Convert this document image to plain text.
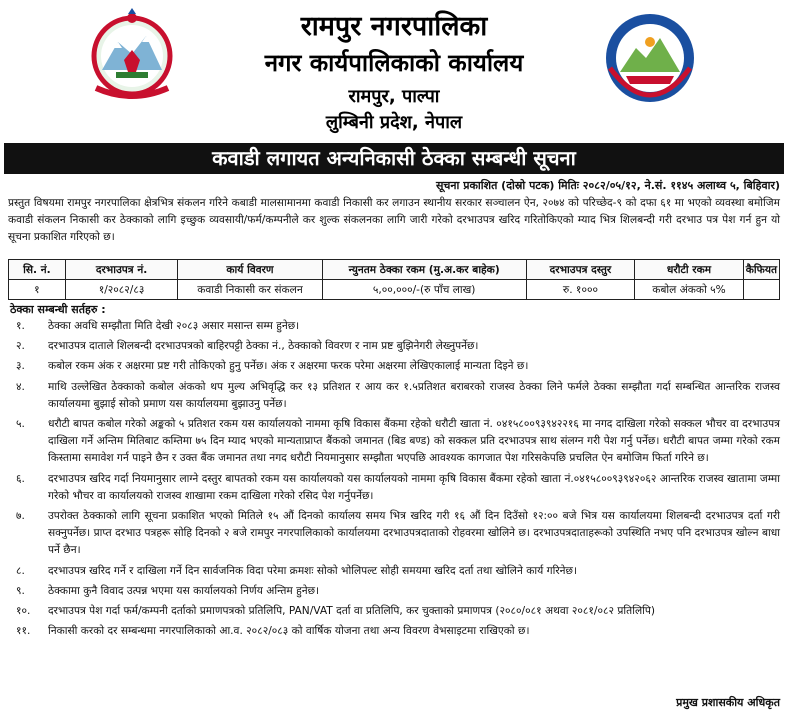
रामपुर नगरपालिका
नगर कार्यपालिकाको कार्यालय
रामपुर, पाल्पा
लुम्बिनी प्रदेश, नेपाल
कवाडी लगायत अन्यनिकासी ठेक्का सम्बन्धी सूचना
सूचना प्रकाशित (दोस्रो पटक) मितिः २०८२/०५/१२, ने.सं. ११४५ अलाथ्व ५, बिहिवार)
प्रस्तुत विषयमा रामपुर नगरपालिका क्षेत्रभित्र संकलन गरिने कबाडी मालसामानमा कवाडी निकासी कर लगाउन स्थानीय सरकार सञ्चालन ऐन, २०७४ को परिच्छेद-९ को दफा ६१ मा भएको व्यवस्था बमोजिम कवाडी संकलन निकासी कर ठेक्काको लागि इच्छुक व्यवसायी/फर्म/कम्पनीले कर शुल्क संकलनका लागि जारी गरेको दरभाउपत्र खरिद गरितोकिएको म्याद भित्र शिलबन्दी गरी दरभाउ पत्र पेश गर्न हुन यो सूचना प्रकाशित गरिएको छ।
सि. नं.	दरभाउपत्र नं.	कार्य विवरण	न्युनतम ठेक्का रकम (मु.अ.कर बाहेक)	दरभाउपत्र दस्तुर	धरौटी रकम	कैफियत
१	१/२०८२/८३	कवाडी निकासी कर संकलन	५,००,०००/-(रु पाँच लाख)	रु. १०००	कबोल अंकको ५%	
ठेक्का सम्बन्धी सर्तहरु :
१. ठेक्का अवधि सम्झौता मिति देखी २०८३ असार मसान्त सम्म हुनेछ।
२. दरभाउपत्र दाताले शिलबन्दी दरभाउपत्रको बाहिरपट्टी ठेक्का नं., ठेक्काको विवरण र नाम प्रष्ट बुझिनेगरी लेख्नुपर्नेछ।
३. कबोल रकम अंक र अक्षरमा प्रष्ट गरी तोकिएको हुनु पर्नेछ। अंक र अक्षरमा फरक परेमा अक्षरमा लेखिएकालाई मान्यता दिइने छ।
४. माथि उल्लेखित ठेक्काको कबोल अंकको थप मुल्य अभिवृद्धि कर १३ प्रतिशत र आय कर १.५प्रतिशत बराबरको राजस्व ठेक्का लिने फर्मले ठेक्का सम्झौता गर्दा सम्बन्धित आन्तरिक राजस्व कार्यालयमा बुझाई सोको प्रमाण यस कार्यालयमा बुझाउनु पर्नेछ।
५. धरौटी बापत कबोल गरेको अङ्कको ५ प्रतिशत रकम यस कार्यालयको नाममा कृषि विकास बैंकमा रहेको धरौटी खाता नं. ०४१५८००९३९४२२१६ मा नगद दाखिला गरेको सक्कल भौचर वा दरभाउपत्र दाखिला गर्ने अन्तिम मितिबाट कम्तिमा ७५ दिन म्याद भएको मान्यताप्राप्त बैंकको जमानत (बिड बण्ड) को सक्कल प्रति दरभाउपत्र साथ संलग्न गरी पेश गर्नु पर्नेछ। धरौटी बापत जम्मा गरेको रकम किस्तामा समावेश गर्न पाइने छैन र उक्त बैंक जमानत तथा नगद धरौटी नियमानुसार सम्झौता भएपछि आवश्यक कागजात पेश गरिसकेपछि प्रचलित ऐन बमोजिम फिर्ता गरिने छ।
६. दरभाउपत्र खरिद गर्दा नियमानुसार लाग्ने दस्तुर बापतको रकम यस कार्यालयको यस कार्यालयको नाममा कृषि विकास बैंकमा रहेको खाता नं.०४१५८००९३९४२०६२ आन्तरिक राजस्व खातामा जम्मा गरेको भौचर वा कार्यालयको राजस्व शाखामा रकम दाखिला गरेको रसिद पेश गर्नुपर्नेछ।
७. उपरोक्त ठेक्काको लागि सूचना प्रकाशित भएको मितिले १५ औं दिनको कार्यालय समय भित्र खरिद गरी १६ औं दिन दिउँसो १२:०० बजे भित्र यस कार्यालयमा शिलबन्दी दरभाउपत्र दर्ता गरी सक्नुपर्नेछ। प्राप्त दरभाउ पत्रहरू सोहि दिनको २ बजे रामपुर नगरपालिकाको कार्यालयमा दरभाउपत्रदाताको रोहवरमा खोलिने छ। दरभाउपत्रदाताहरूको उपस्थिति नभए पनि दरभाउपत्र खोल्न बाधा पर्ने छैन।
८. दरभाउपत्र खरिद गर्ने र दाखिला गर्ने दिन सार्वजनिक विदा परेमा क्रमशः सोको भोलिपल्ट सोही समयमा खरिद दर्ता तथा खोलिने कार्य गरिनेछ।
९. ठेक्कामा कुनै विवाद उत्पन्न भएमा यस कार्यालयको निर्णय अन्तिम हुनेछ।
१०. दरभाउपत्र पेश गर्दा फर्म/कम्पनी दर्ताको प्रमाणपत्रको प्रतिलिपि, PAN/VAT दर्ता वा प्रतिलिपि, कर चुक्ताको प्रमाणपत्र (२०८०/०८१ अथवा २०८१/०८२ प्रतिलिपि)
११. निकासी करको दर सम्बन्धमा नगरपालिकाको आ.व. २०८२/०८३ को वार्षिक योजना तथा अन्य विवरण वेभसाइटमा राखिएको छ।
प्रमुख प्रशासकीय अधिकृत
